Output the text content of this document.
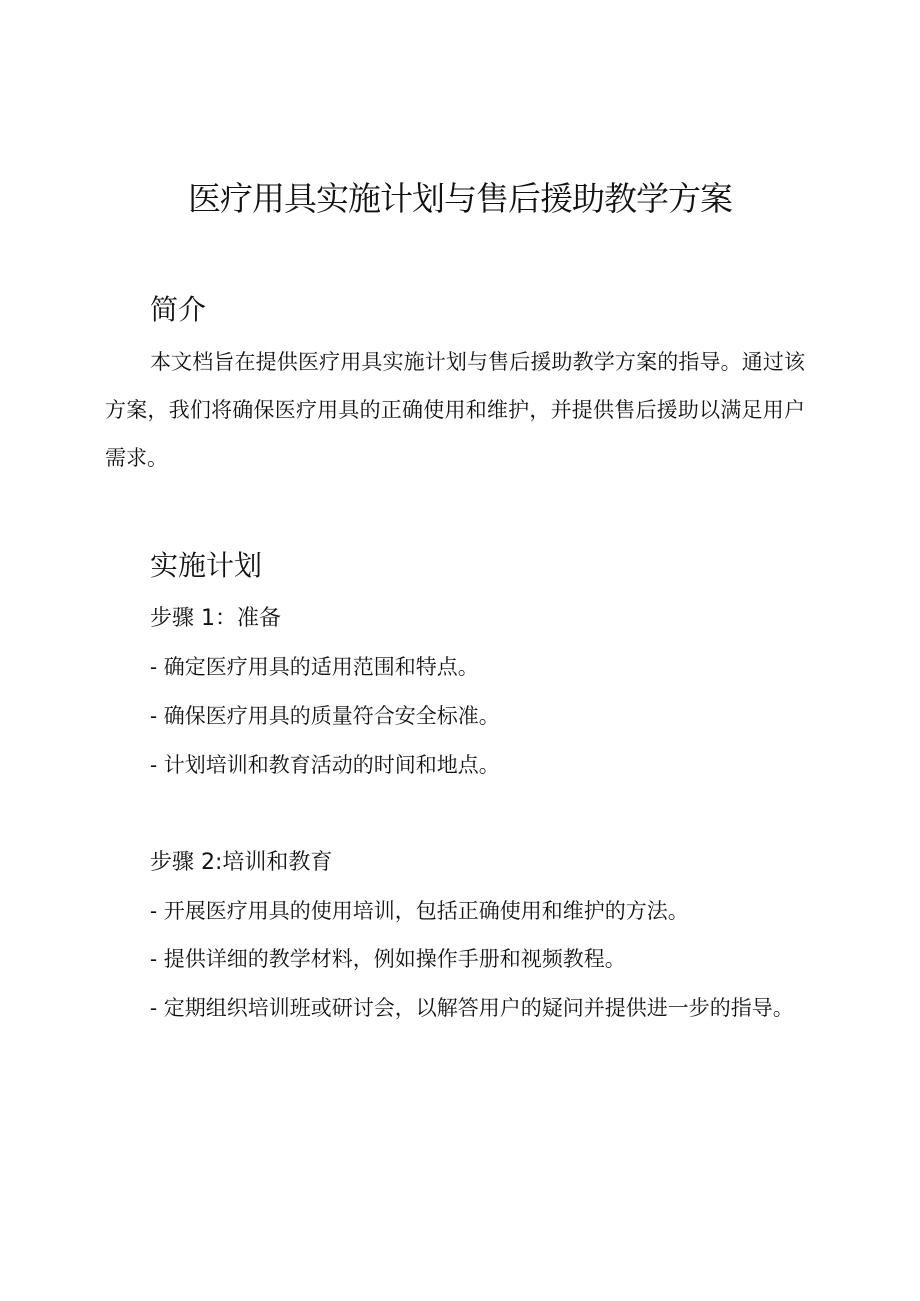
医疗用具实施计划与售后援助教学方案
简介

本文档旨在提供医疗用具实施计划与售后援助教学方案的指导。通过该方案，我们将确保医疗用具的正确使用和维护，并提供售后援助以满足用户需求。

实施计划
步骤 1：准备

- 确定医疗用具的适用范围和特点。

- 确保医疗用具的质量符合安全标准。

- 计划培训和教育活动的时间和地点。

步骤 2:培训和教育

- 开展医疗用具的使用培训，包括正确使用和维护的方法。

- 提供详细的教学材料，例如操作手册和视频教程。

- 定期组织培训班或研讨会，以解答用户的疑问并提供进一步的指导。
